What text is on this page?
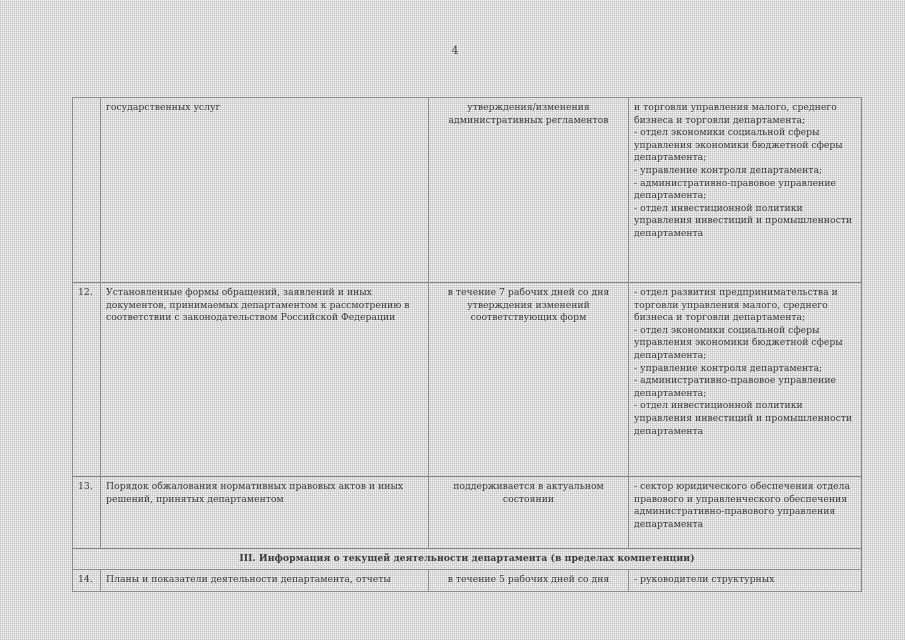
4
	государственных услуг	утверждения/изменения административных регламентов	и торговли управления малого, среднего бизнеса и торговли департамента;
- отдел экономики социальной сферы управления экономики бюджетной сферы департамента;
- управление контроля департамента;
- административно-правовое управление департамента;
- отдел инвестиционной политики управления инвестиций и промышленности департамента
12.	Установленные формы обращений, заявлений и иных документов, принимаемых департаментом к рассмотрению в соответствии с законодательством Российской Федерации	в течение 7 рабочих дней со дня утверждения изменений соответствующих форм	- отдел развития предпринимательства и торговли управления малого, среднего бизнеса и торговли департамента;
- отдел экономики социальной сферы управления экономики бюджетной сферы департамента;
- управление контроля департамента;
- административно-правовое управление департамента;
- отдел инвестиционной политики управления инвестиций и промышленности департамента
13.	Порядок обжалования нормативных правовых актов и иных решений, принятых департаментом	поддерживается в актуальном состоянии	- сектор юридического обеспечения отдела правового и управленческого обеспечения административно-правового управления департамента
III. Информация о текущей деятельности департамента (в пределах компетенции)			
14.	Планы и показатели деятельности департамента, отчеты	в течение 5 рабочих дней со дня	- руководители структурных
